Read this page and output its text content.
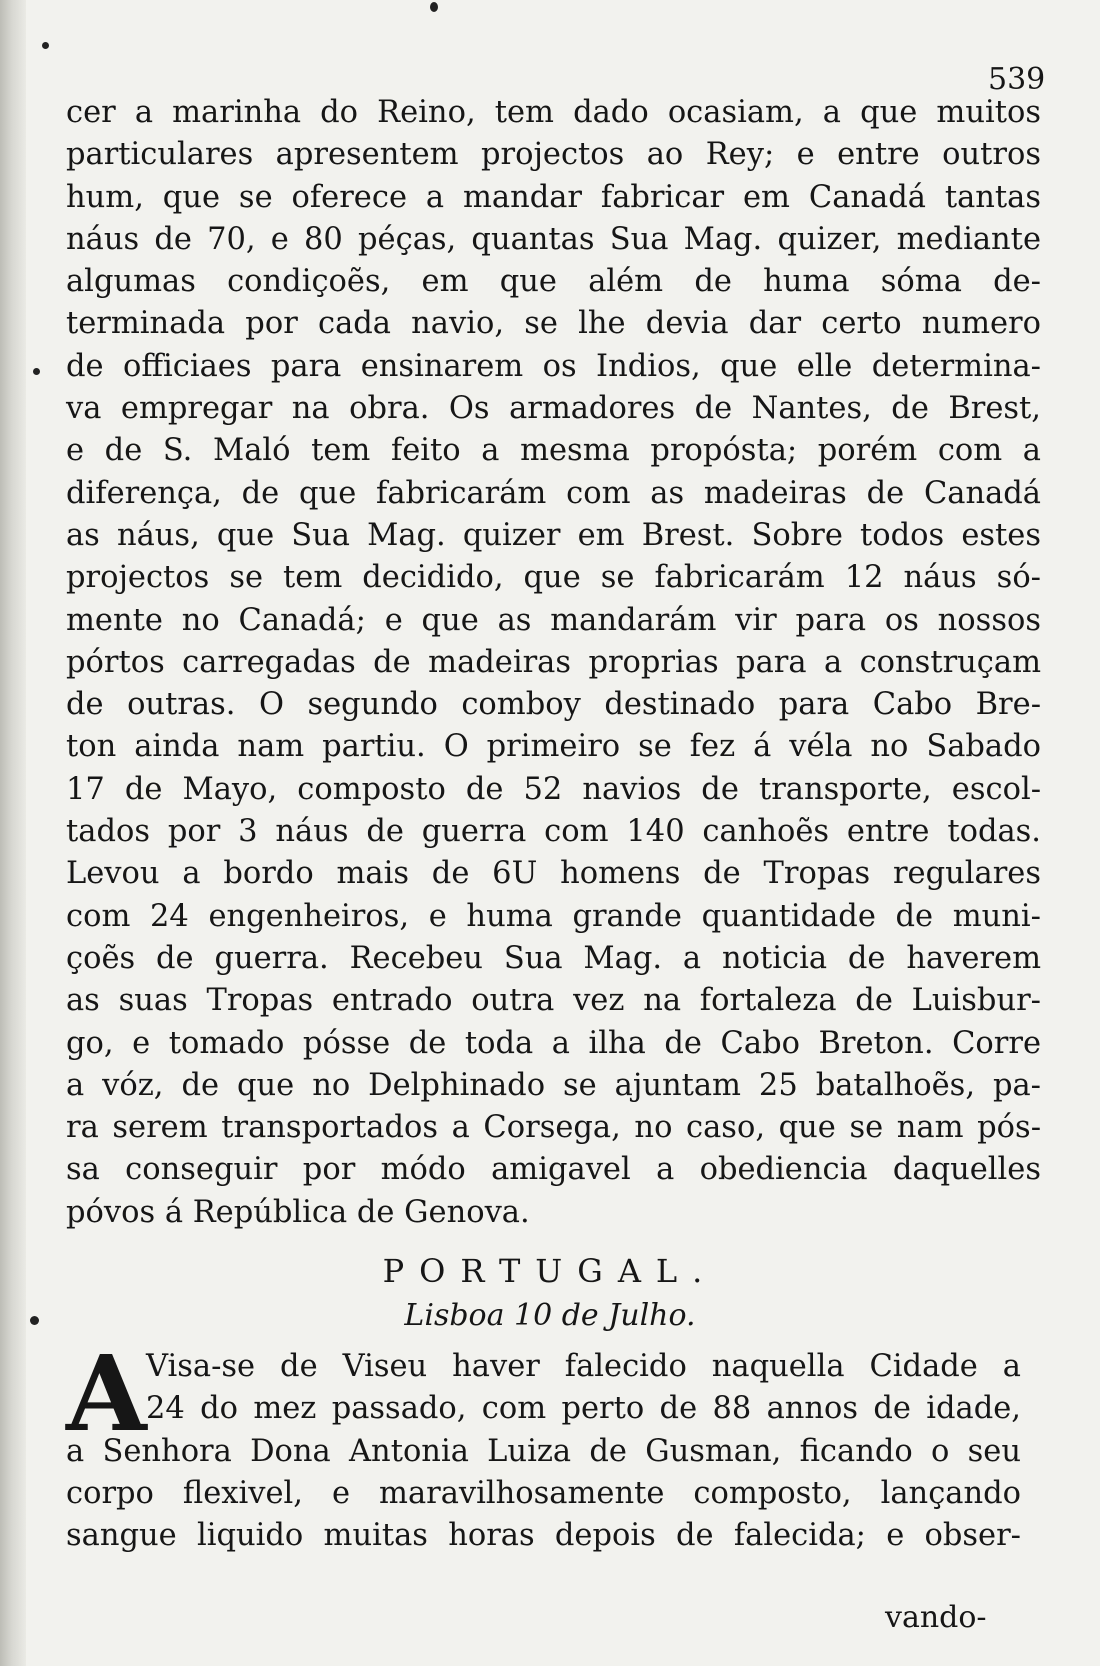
539
cer a marinha do Reino, tem dado ocasiam, a que muitos
particulares apresentem projectos ao Rey; e entre outros
hum, que se oferece a mandar fabricar em Canadá tantas
náus de 70, e 80 péças, quantas Sua Mag. quizer, mediante
algumas condiçoẽs, em que além de huma sóma de-
terminada por cada navio, se lhe devia dar certo numero
de officiaes para ensinarem os Indios, que elle determina-
va empregar na obra. Os armadores de Nantes, de Brest,
e de S. Maló tem feito a mesma propósta; porém com a
diferença, de que fabricarám com as madeiras de Canadá
as náus, que Sua Mag. quizer em Brest. Sobre todos estes
projectos se tem decidido, que se fabricarám 12 náus só-
mente no Canadá; e que as mandarám vir para os nossos
pórtos carregadas de madeiras proprias para a construçam
de outras. O segundo comboy destinado para Cabo Bre-
ton ainda nam partiu. O primeiro se fez á véla no Sabado
17 de Mayo, composto de 52 navios de transporte, escol-
tados por 3 náus de guerra com 140 canhoẽs entre todas.
Levou a bordo mais de 6U homens de Tropas regulares
com 24 engenheiros, e huma grande quantidade de muni-
çoẽs de guerra. Recebeu Sua Mag. a noticia de haverem
as suas Tropas entrado outra vez na fortaleza de Luisbur-
go, e tomado pósse de toda a ilha de Cabo Breton. Corre
a vóz, de que no Delphinado se ajuntam 25 batalhoẽs, pa-
ra serem transportados a Corsega, no caso, que se nam pós-
sa conseguir por módo amigavel a obediencia daquelles
póvos á República de Genova.
PORTUGAL.
Lisboa 10 de Julho.
A Visa-se de Viseu haver falecido naquella Cidade a
24 do mez passado, com perto de 88 annos de idade,
a Senhora Dona Antonia Luiza de Gusman, ficando o seu
corpo flexivel, e maravilhosamente composto, lançando
sangue liquido muitas horas depois de falecida; e obser-
vando-
